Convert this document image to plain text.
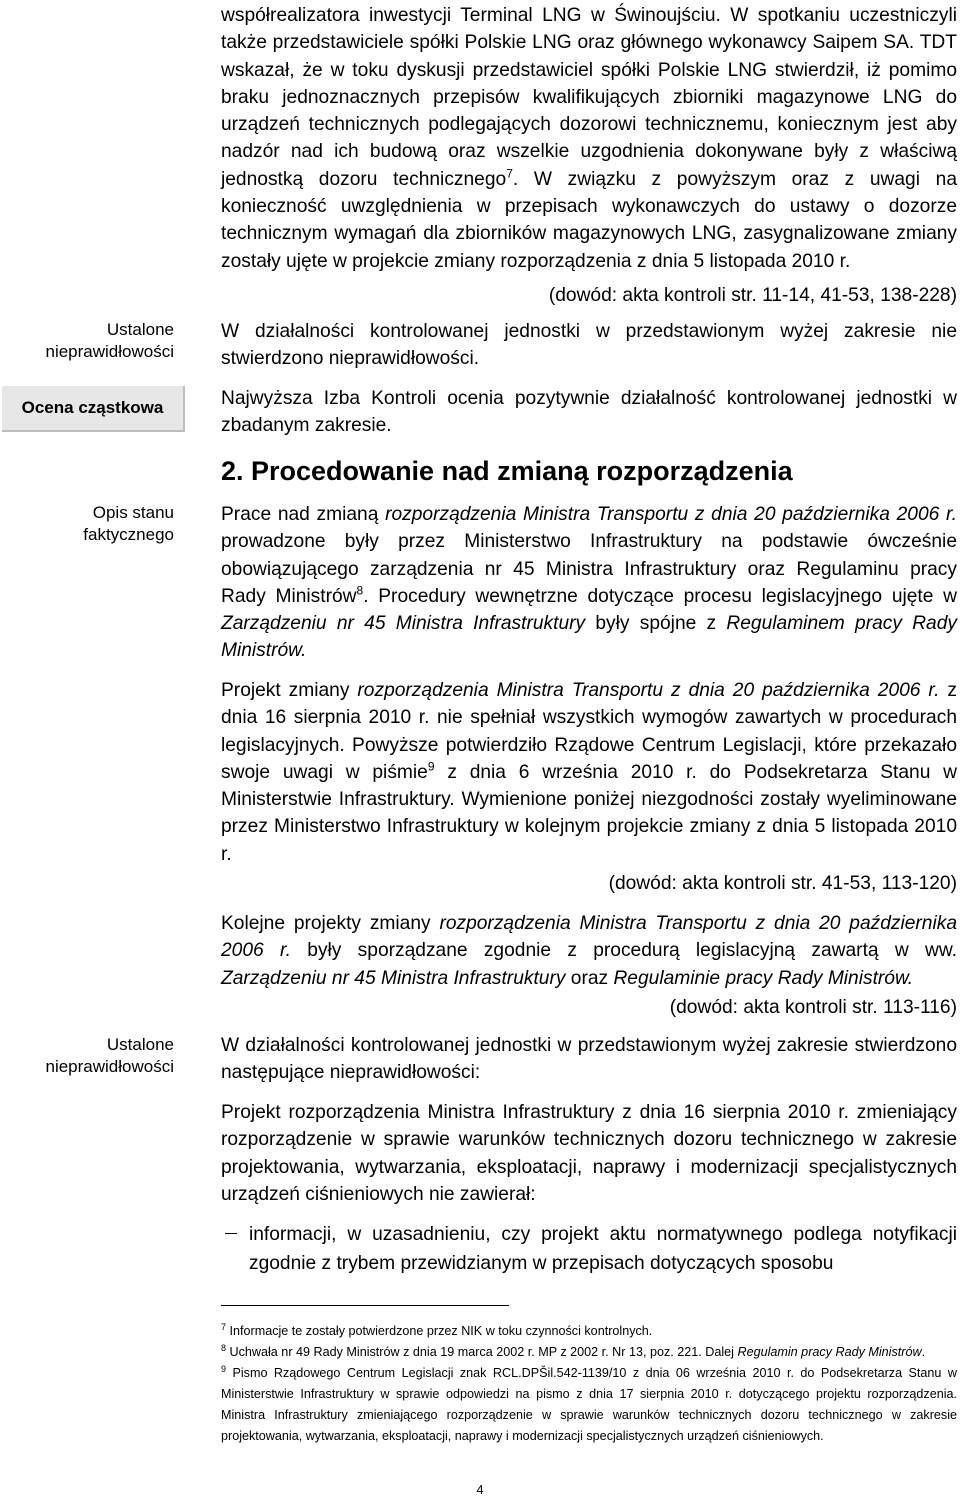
Ustalone nieprawidłowości
Ocena cząstkowa
Opis stanu faktycznego
Ustalone nieprawidłowości

współrealizatora inwestycji Terminal LNG w Świnoujściu. W spotkaniu uczestniczyli także przedstawiciele spółki Polskie LNG oraz głównego wykonawcy Saipem SA. TDT wskazał, że w toku dyskusji przedstawiciel spółki Polskie LNG stwierdził, iż pomimo braku jednoznacznych przepisów kwalifikujących zbiorniki magazynowe LNG do urządzeń technicznych podlegających dozorowi technicznemu, koniecznym jest aby nadzór nad ich budową oraz wszelkie uzgodnienia dokonywane były z właściwą jednostką dozoru technicznego$^7$. W związku z powyższym oraz z uwagi na konieczność uwzględnienia w przepisach wykonawczych do ustawy o dozorze technicznym wymagań dla zbiorników magazynowych LNG, zasygnalizowane zmiany zostały ujęte w projekcie zmiany rozporządzenia z dnia 5 listopada 2010 r.

(dowód: akta kontroli str. 11-14, 41-53, 138-228)

W działalności kontrolowanej jednostki w przedstawionym wyżej zakresie nie stwierdzono nieprawidłowości.

Najwyższa Izba Kontroli ocenia pozytywnie działalność kontrolowanej jednostki w zbadanym zakresie.

2. Procedowanie nad zmianą rozporządzenia

Prace nad zmianą rozporządzenia Ministra Transportu z dnia 20 października 2006 r. prowadzone były przez Ministerstwo Infrastruktury na podstawie ówcześnie obowiązującego zarządzenia nr 45 Ministra Infrastruktury oraz Regulaminu pracy Rady Ministrów$^8$. Procedury wewnętrzne dotyczące procesu legislacyjnego ujęte w Zarządzeniu nr 45 Ministra Infrastruktury były spójne z Regulaminem pracy Rady Ministrów.

Projekt zmiany rozporządzenia Ministra Transportu z dnia 20 października 2006 r. z dnia 16 sierpnia 2010 r. nie spełniał wszystkich wymogów zawartych w procedurach legislacyjnych. Powyższe potwierdziło Rządowe Centrum Legislacji, które przekazało swoje uwagi w piśmie$^9$ z dnia 6 września 2010 r. do Podsekretarza Stanu w Ministerstwie Infrastruktury. Wymienione poniżej niezgodności zostały wyeliminowane przez Ministerstwo Infrastruktury w kolejnym projekcie zmiany z dnia 5 listopada 2010 r.

(dowód: akta kontroli str. 41-53, 113-120)

Kolejne projekty zmiany rozporządzenia Ministra Transportu z dnia 20 października 2006 r. były sporządzane zgodnie z procedurą legislacyjną zawartą w ww. Zarządzeniu nr 45 Ministra Infrastruktury oraz Regulaminie pracy Rady Ministrów.

(dowód: akta kontroli str. 113-116)

W działalności kontrolowanej jednostki w przedstawionym wyżej zakresie stwierdzono następujące nieprawidłowości:

Projekt rozporządzenia Ministra Infrastruktury z dnia 16 sierpnia 2010 r. zmieniający rozporządzenie w sprawie warunków technicznych dozoru technicznego w zakresie projektowania, wytwarzania, eksploatacji, naprawy i modernizacji specjalistycznych urządzeń ciśnieniowych nie zawierał:

informacji, w uzasadnieniu, czy projekt aktu normatywnego podlega notyfikacji zgodnie z trybem przewidzianym w przepisach dotyczących sposobu

$^7$ Informacje te zostały potwierdzone przez NIK w toku czynności kontrolnych.

$^8$ Uchwała nr 49 Rady Ministrów z dnia 19 marca 2002 r. MP z 2002 r. Nr 13, poz. 221. Dalej Regulamin pracy Rady Ministrów.

$^9$ Pismo Rządowego Centrum Legislacji znak RCL.DPŠil.542-1139/10 z dnia 06 września 2010 r. do Podsekretarza Stanu w Ministerstwie Infrastruktury w sprawie odpowiedzi na pismo z dnia 17 sierpnia 2010 r. dotyczącego projektu rozporządzenia. Ministra Infrastruktury zmieniającego rozporządzenie w sprawie warunków technicznych dozoru technicznego w zakresie projektowania, wytwarzania, eksploatacji, naprawy i modernizacji specjalistycznych urządzeń ciśnieniowych.

4
